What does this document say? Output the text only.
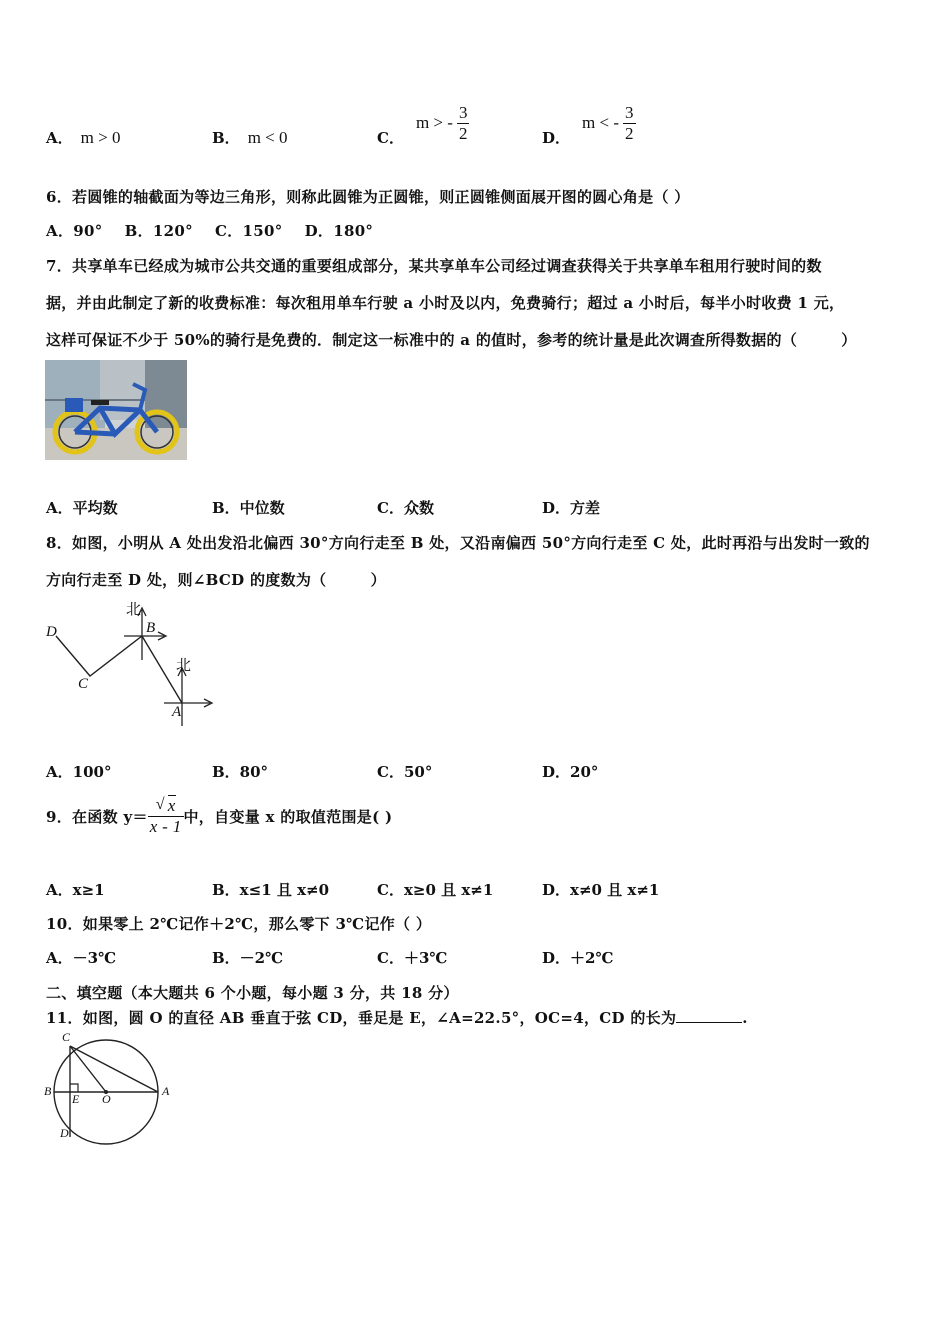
A． m > 0	B． m < 0	C．m > - $\frac{3}{2}$	D．m < - $\frac{3}{2}$
6．若圆锥的轴截面为等边三角形，则称此圆锥为正圆锥，则正圆锥侧面展开图的圆心角是（ ）
A．90°    B．120°    C．150°    D．180°
7．共享单车已经成为城市公共交通的重要组成部分，某共享单车公司经过调查获得关于共享单车租用行驶时间的数
据，并由此制定了新的收费标准：每次租用单车行驶 a 小时及以内，免费骑行；超过 a 小时后，每半小时收费 1 元，
这样可保证不少于 50%的骑行是免费的．制定这一标准中的 a 的值时，参考的统计量是此次调查所得数据的（        ）
A．平均数	B．中位数	C．众数	D．方差
8．如图，小明从 A 处出发沿北偏西 30°方向行走至 B 处，又沿南偏西 50°方向行走至 C 处，此时再沿与出发时一致的
方向行走至 D 处，则∠BCD 的度数为（        ）
北
北
B
A
C
D
A．100°	B．80°	C．50°	D．20°
9．在函数 $y= \frac{√ x}{x - 1}$ 中，自变量 x 的取值范围是( )
A．x≥1	B．x≤1 且 x≠0	C．x≥0 且 x≠1	D．x≠0 且 x≠1
10．如果零上 2℃记作＋2℃，那么零下 3℃记作（ ）
A．－3℃	B．－2℃	C．＋3℃	D．＋2℃
二、填空题（本大题共 6 个小题，每小题 3 分，共 18 分）
11．如图，圆 O 的直径 AB 垂直于弦 CD，垂足是 E，∠A=22.5°，OC=4，CD 的长为	.
C
B	A
E O
D
